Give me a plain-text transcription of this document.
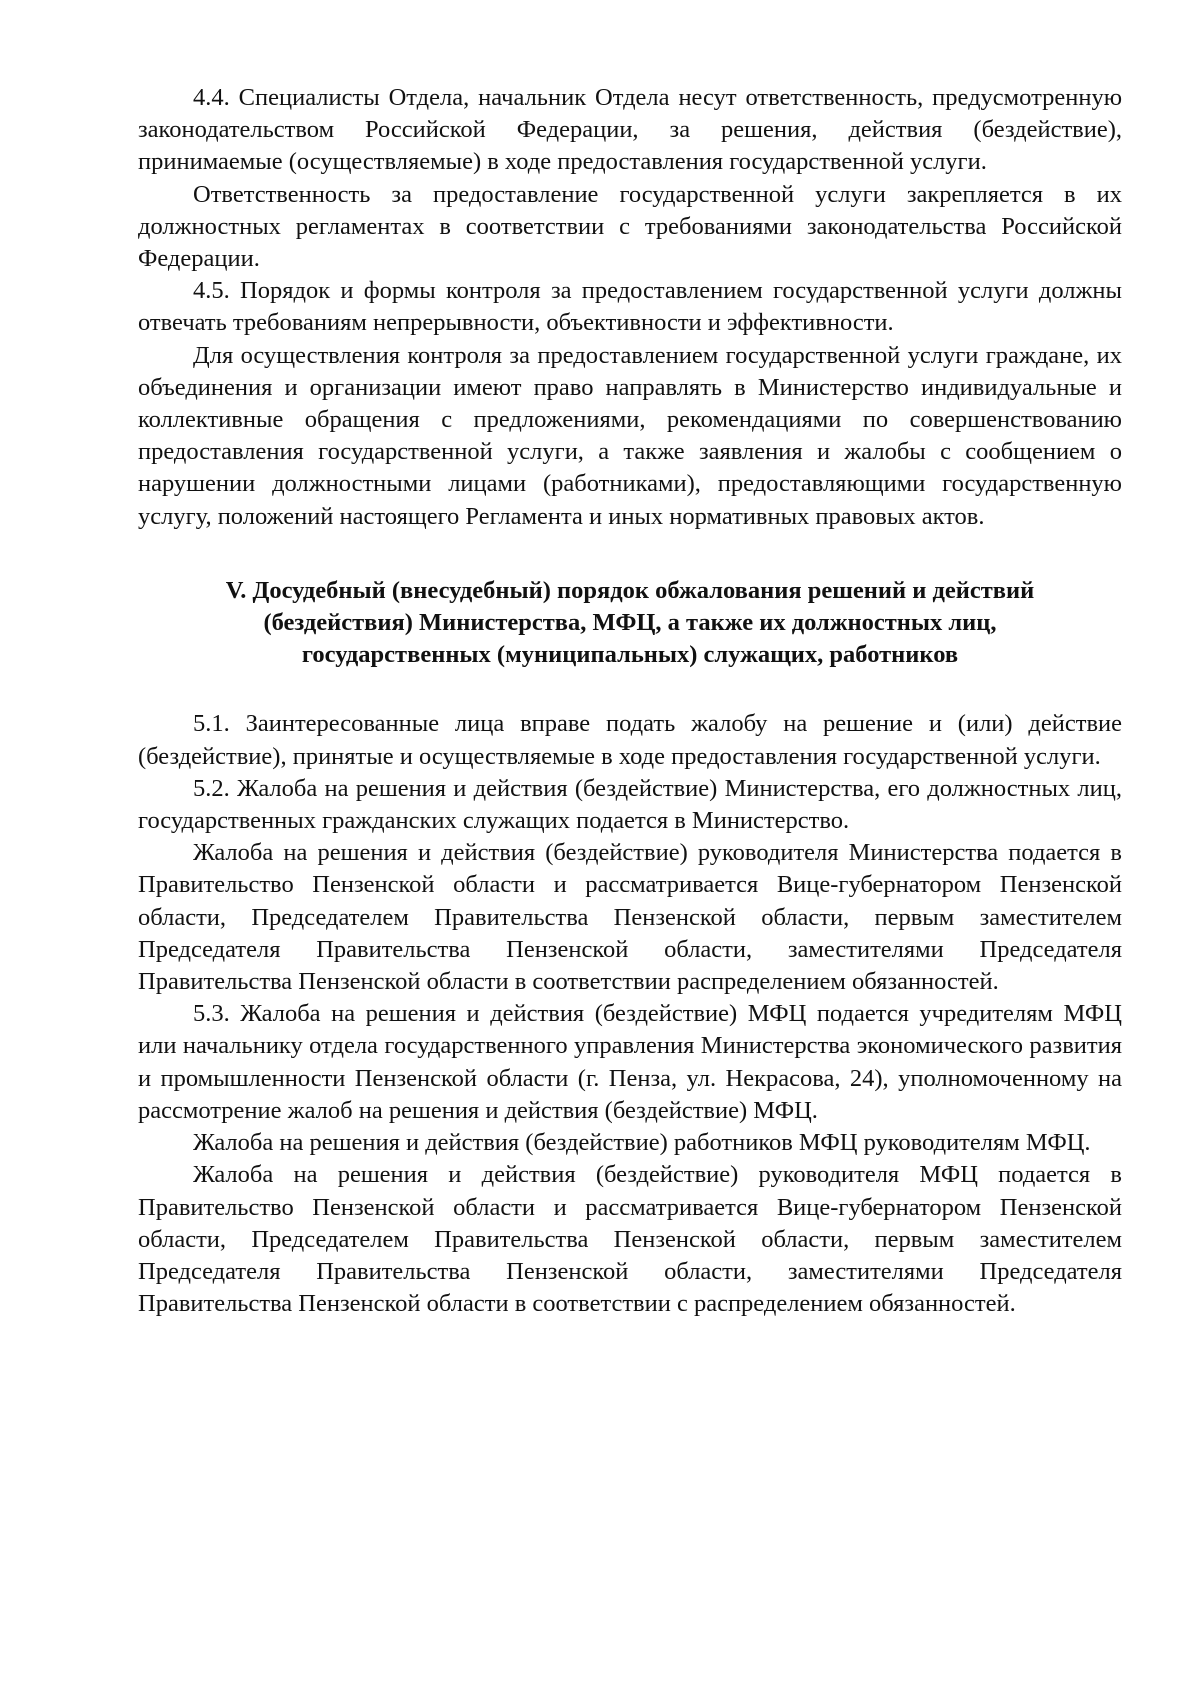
4.4. Специалисты Отдела, начальник Отдела несут ответственность, предусмотренную законодательством Российской Федерации, за решения, действия (бездействие), принимаемые (осуществляемые) в ходе предоставления государственной услуги.

Ответственность за предоставление государственной услуги закрепляется в их должностных регламентах в соответствии с требованиями законодательства Российской Федерации.

4.5. Порядок и формы контроля за предоставлением государственной услуги должны отвечать требованиям непрерывности, объективности и эффективности.

Для осуществления контроля за предоставлением государственной услуги граждане, их объединения и организации имеют право направлять в Министерство индивидуальные и коллективные обращения с предложениями, рекомендациями по совершенствованию предоставления государственной услуги, а также заявления и жалобы с сообщением о нарушении должностными лицами (работниками), предоставляющими государственную услугу, положений настоящего Регламента и иных нормативных правовых актов.

V. Досудебный (внесудебный) порядок обжалования решений и действий (бездействия) Министерства, МФЦ, а также их должностных лиц, государственных (муниципальных) служащих, работников

5.1. Заинтересованные лица вправе подать жалобу на решение и (или) действие (бездействие), принятые и осуществляемые в ходе предоставления государственной услуги.

5.2. Жалоба на решения и действия (бездействие) Министерства, его должностных лиц, государственных гражданских служащих подается в Министерство.

Жалоба на решения и действия (бездействие) руководителя Министерства подается в Правительство Пензенской области и рассматривается Вице-губернатором Пензенской области, Председателем Правительства Пензенской области, первым заместителем Председателя Правительства Пензенской области, заместителями Председателя Правительства Пензенской области в соответствии распределением обязанностей.

5.3. Жалоба на решения и действия (бездействие) МФЦ подается учредителям МФЦ или начальнику отдела государственного управления Министерства экономического развития и промышленности Пензенской области (г. Пенза, ул. Некрасова, 24), уполномоченному на рассмотрение жалоб на решения и действия (бездействие) МФЦ.

Жалоба на решения и действия (бездействие) работников МФЦ руководителям МФЦ.

Жалоба на решения и действия (бездействие) руководителя МФЦ подается в Правительство Пензенской области и рассматривается Вице-губернатором Пензенской области, Председателем Правительства Пензенской области, первым заместителем Председателя Правительства Пензенской области, заместителями Председателя Правительства Пензенской области в соответствии с распределением обязанностей.
